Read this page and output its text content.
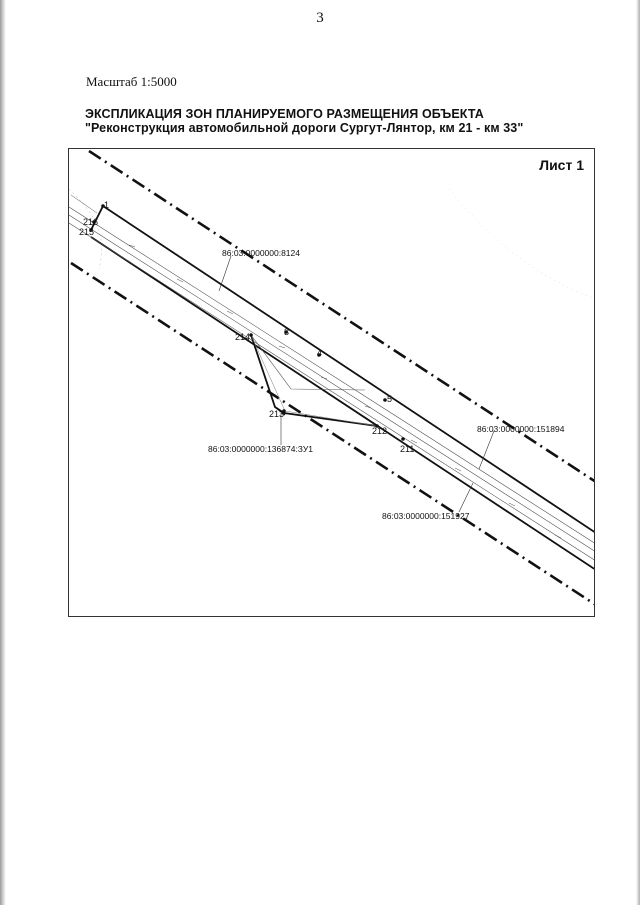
3
Масштаб 1:5000
ЭКСПЛИКАЦИЯ ЗОН ПЛАНИРУЕМОГО РАЗМЕЩЕНИЯ ОБЪЕКТА
"Реконструкция автомобильной дороги Сургут-Лянтор, км 21 - км 33"
1
216
215
3
4
5
214
213
212
211
86:03:0000000:8124
86:03:0000000:136874:ЗУ1
86:03:0000000:151894
86:03:0000000:151927
Лист 1
